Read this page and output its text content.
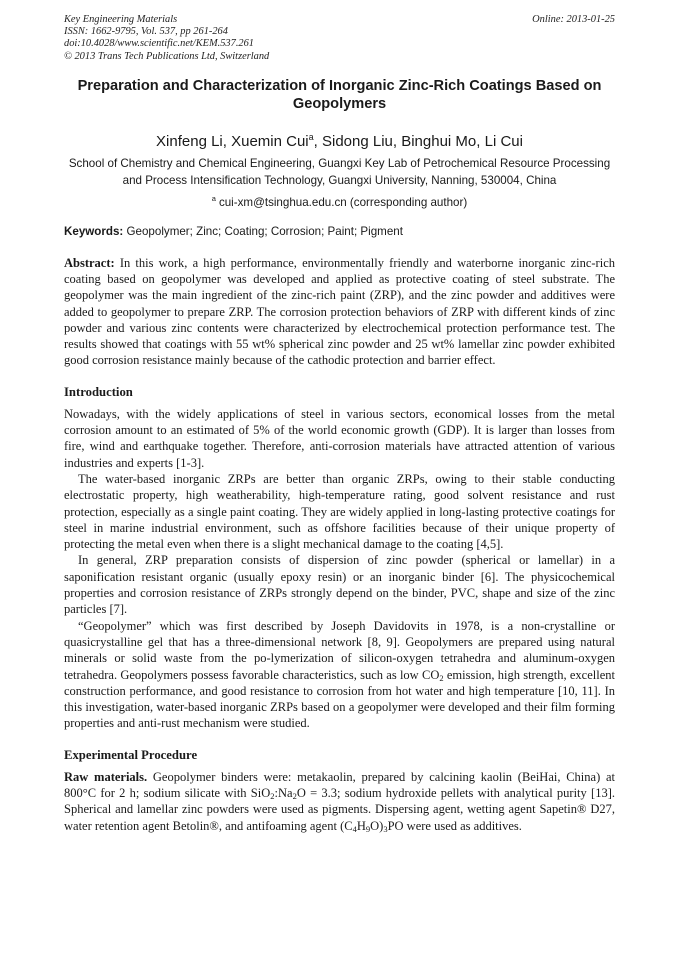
Key Engineering Materials
ISSN: 1662-9795, Vol. 537, pp 261-264
doi:10.4028/www.scientific.net/KEM.537.261
© 2013 Trans Tech Publications Ltd, Switzerland
Online: 2013-01-25
Preparation and Characterization of Inorganic Zinc-Rich Coatings Based on Geopolymers
Xinfeng Li, Xuemin Cui$^a$, Sidong Liu, Binghui Mo, Li Cui
School of Chemistry and Chemical Engineering, Guangxi Key Lab of Petrochemical Resource Processing and Process Intensification Technology, Guangxi University, Nanning, 530004, China
$^a$ cui-xm@tsinghua.edu.cn (corresponding author)
Keywords: Geopolymer; Zinc; Coating; Corrosion; Paint; Pigment

Abstract: In this work, a high performance, environmentally friendly and waterborne inorganic zinc-rich coating based on geopolymer was developed and applied as protective coating of steel substrate. The geopolymer was the main ingredient of the zinc-rich paint (ZRP), and the zinc powder and additives were added to geopolymer to prepare ZRP. The corrosion protection behaviors of ZRP with different kinds of zinc powder and various zinc contents were characterized by electrochemical protection performance test. The results showed that coatings with 55 wt% spherical zinc powder and 25 wt% lamellar zinc powder exhibited good corrosion resistance mainly because of the cathodic protection and barrier effect.

Introduction

Nowadays, with the widely applications of steel in various sectors, economical losses from the metal corrosion amount to an estimated of 5% of the world economic growth (GDP). It is larger than losses from fire, wind and earthquake together. Therefore, anti-corrosion materials have attracted attention of various industries and experts [1-3].

The water-based inorganic ZRPs are better than organic ZRPs, owing to their stable conducting electrostatic property, high weatherability, high-temperature rating, good solvent resistance and rust protection, especially as a single paint coating. They are widely applied in long-lasting protective coatings for steel in marine industrial environment, such as offshore facilities because of their unique property of protecting the metal even when there is a slight mechanical damage to the coating [4,5].

In general, ZRP preparation consists of dispersion of zinc powder (spherical or lamellar) in a saponification resistant organic (usually epoxy resin) or an inorganic binder [6]. The physicochemical properties and corrosion resistance of ZRPs strongly depend on the binder, PVC, shape and size of the zinc particles [7].

“Geopolymer” which was first described by Joseph Davidovits in 1978, is a non-crystalline or quasicrystalline gel that has a three-dimensional network [8, 9]. Geopolymers are prepared using natural minerals or solid waste from the po-lymerization of silicon-oxygen tetrahedra and aluminum-oxygen tetrahedra. Geopolymers possess favorable characteristics, such as low $CO_2$ emission, high strength, excellent construction performance, and good resistance to corrosion from hot water and high temperature [10, 11]. In this investigation, water-based inorganic ZRPs based on a geopolymer were developed and their film forming properties and anti-rust mechanism were studied.

Experimental Procedure

Raw materials. Geopolymer binders were: metakaolin, prepared by calcining kaolin (BeiHai, China) at 800°C for 2 h; sodium silicate with $SiO_2:Na_2O = 3.3$; sodium hydroxide pellets with analytical purity [13]. Spherical and lamellar zinc powders were used as pigments. Dispersing agent, wetting agent Sapetin® D27, water retention agent Betolin®, and antifoaming agent $(C_4H_9O)_3PO$ were used as additives.
